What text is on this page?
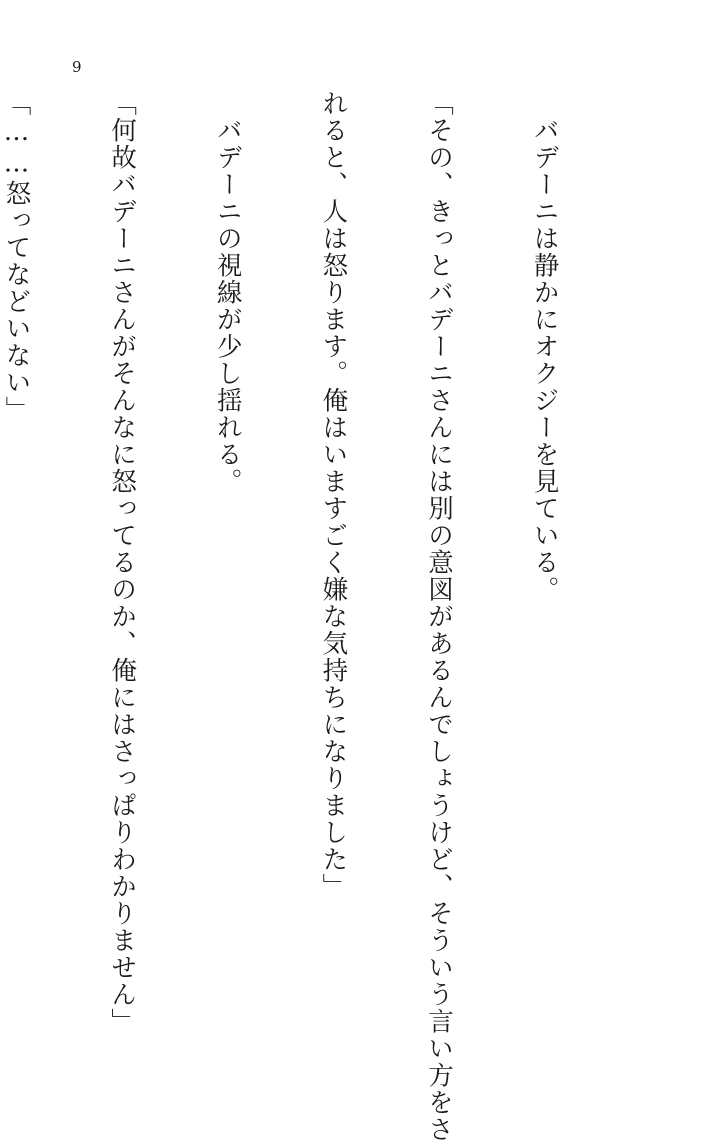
9

　バデーニは静かにオクジーを見ている。

「その、きっとバデーニさんには別の意図があるんでしょうけど、そういう言い方をさ

れると、人は怒ります。俺はいますごく嫌な気持ちになりました」

　バデーニの視線が少し揺れる。

「何故バデーニさんがそんなに怒ってるのか、俺にはさっぱりわかりません」

「……怒ってなどいない」
